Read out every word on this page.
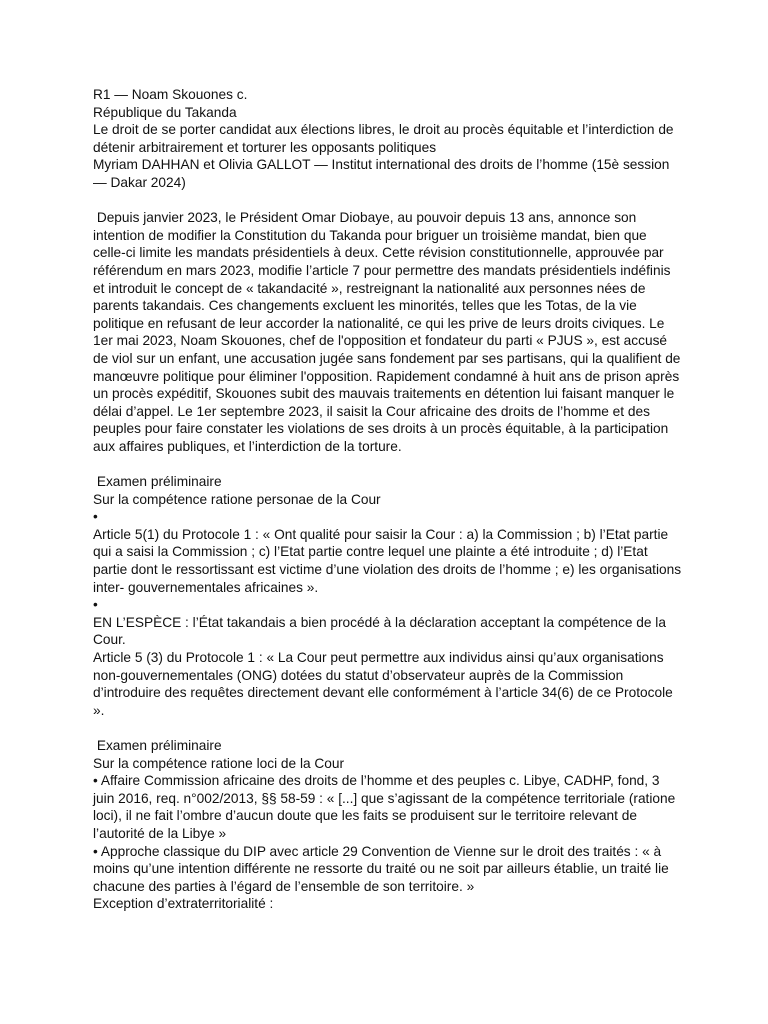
R1 — Noam Skouones c.
République du Takanda
Le droit de se porter candidat aux élections libres, le droit au procès équitable et l’interdiction de détenir arbitrairement et torturer les opposants politiques
Myriam DAHHAN et Olivia GALLOT — Institut international des droits de l’homme (15è session — Dakar 2024)
Depuis janvier 2023, le Président Omar Diobaye, au pouvoir depuis 13 ans, annonce son intention de modifier la Constitution du Takanda pour briguer un troisième mandat, bien que celle-ci limite les mandats présidentiels à deux. Cette révision constitutionnelle, approuvée par référendum en mars 2023, modifie l’article 7 pour permettre des mandats présidentiels indéfinis et introduit le concept de « takandacité », restreignant la nationalité aux personnes nées de parents takandais. Ces changements excluent les minorités, telles que les Totas, de la vie politique en refusant de leur accorder la nationalité, ce qui les prive de leurs droits civiques. Le 1er mai 2023, Noam Skouones, chef de l'opposition et fondateur du parti « PJUS », est accusé de viol sur un enfant, une accusation jugée sans fondement par ses partisans, qui la qualifient de manœuvre politique pour éliminer l'opposition. Rapidement condamné à huit ans de prison après un procès expéditif, Skouones subit des mauvais traitements en détention lui faisant manquer le délai d’appel. Le 1er septembre 2023, il saisit la Cour africaine des droits de l’homme et des peuples pour faire constater les violations de ses droits à un procès équitable, à la participation aux affaires publiques, et l’interdiction de la torture.
Examen préliminaire
Sur la compétence ratione personae de la Cour
•
Article 5(1) du Protocole 1 : « Ont qualité pour saisir la Cour : a) la Commission ; b) l’Etat partie qui a saisi la Commission ; c) l’Etat partie contre lequel une plainte a été introduite ; d) l’Etat partie dont le ressortissant est victime d’une violation des droits de l’homme ; e) les organisations inter- gouvernementales africaines ».
•
EN L’ESPÈCE : l’État takandais a bien procédé à la déclaration acceptant la compétence de la Cour.
Article 5 (3) du Protocole 1 : « La Cour peut permettre aux individus ainsi qu’aux organisations non-gouvernementales (ONG) dotées du statut d’observateur auprès de la Commission d’introduire des requêtes directement devant elle conformément à l’article 34(6) de ce Protocole ».
Examen préliminaire
Sur la compétence ratione loci de la Cour
• Affaire Commission africaine des droits de l’homme et des peuples c. Libye, CADHP, fond, 3 juin 2016, req. n°002/2013, §§ 58-59 : « [...] que s’agissant de la compétence territoriale (ratione loci), il ne fait l’ombre d’aucun doute que les faits se produisent sur le territoire relevant de l’autorité de la Libye »
• Approche classique du DIP avec article 29 Convention de Vienne sur le droit des traités : « à moins qu’une intention différente ne ressorte du traité ou ne soit par ailleurs établie, un traité lie chacune des parties à l’égard de l’ensemble de son territoire. »
Exception d’extraterritorialité :
